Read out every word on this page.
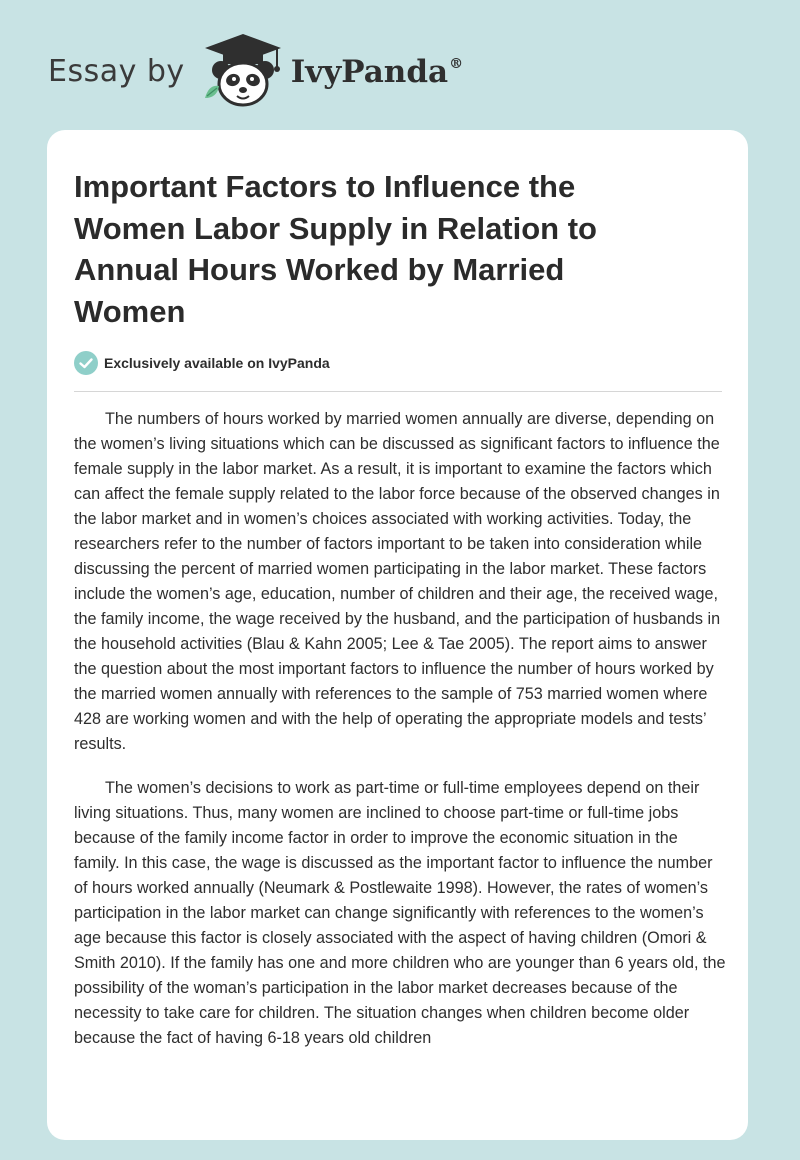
Essay by	IvyPanda®
Important Factors to Influence the Women Labor Supply in Relation to Annual Hours Worked by Married Women
Exclusively available on IvyPanda

The numbers of hours worked by married women annually are diverse, depending on the women’s living situations which can be discussed as significant factors to influence the female supply in the labor market. As a result, it is important to examine the factors which can affect the female supply related to the labor force because of the observed changes in the labor market and in women’s choices associated with working activities. Today, the researchers refer to the number of factors important to be taken into consideration while discussing the percent of married women participating in the labor market. These factors include the women’s age, education, number of children and their age, the received wage, the family income, the wage received by the husband, and the participation of husbands in the household activities (Blau & Kahn 2005; Lee & Tae 2005). The report aims to answer the question about the most important factors to influence the number of hours worked by the married women annually with references to the sample of 753 married women where 428 are working women and with the help of operating the appropriate models and tests’ results.

The women’s decisions to work as part-time or full-time employees depend on their living situations. Thus, many women are inclined to choose part-time or full-time jobs because of the family income factor in order to improve the economic situation in the family. In this case, the wage is discussed as the important factor to influence the number of hours worked annually (Neumark & Postlewaite 1998). However, the rates of women’s participation in the labor market can change significantly with references to the women’s age because this factor is closely associated with the aspect of having children (Omori & Smith 2010). If the family has one and more children who are younger than 6 years old, the possibility of the woman’s participation in the labor market decreases because of the necessity to take care for children. The situation changes when children become older because the fact of having 6-18 years old children
